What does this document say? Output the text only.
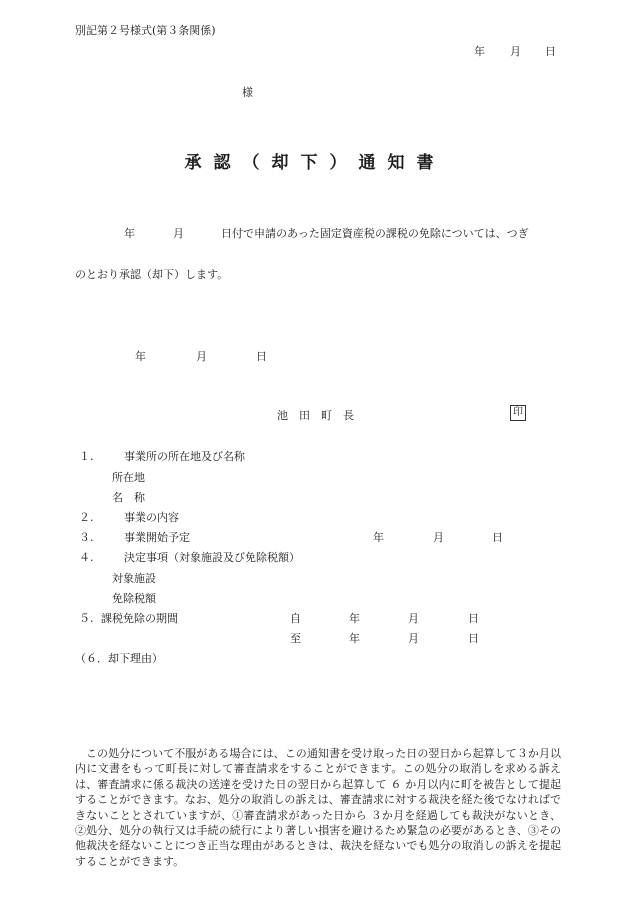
別記第２号様式(第３条関係)
年 月 日
様
承認（却下）通知書
年	月	日付で申請のあった固定資産税の課税の免除については、つぎ
のとおり承認（却下）します。
年	月	日
池　田　町　長	印
１.	事業所の所在地及び名称
所在地
名　称
２.	事業の内容
３.	事業開始予定	年	月	日
４.	決定事項（対象施設及び免除税額）
対象施設
免除税額
５. 課税免除の期間	自	年	月	日
至	年	月	日
（６．却下理由）
この処分について不服がある場合には、この通知書を受け取った日の翌日から起算して３か月以内に文書をもって町長に対して審査請求をすることができます。この処分の取消しを求める訴えは、審査請求に係る裁決の送達を受けた日の翌日から起算して ６ か月以内に町を被告として提起することができます。なお、処分の取消しの訴えは、審査請求に対する裁決を経た後でなければできないこととされていますが、①審査請求があった日から ３か月を経過しても裁決がないとき、②処分、処分の執行又は手続の続行により著しい損害を避けるため緊急の必要があるとき、③その他裁決を経ないことにつき正当な理由があるときは、裁決を経ないでも処分の取消しの訴えを提起することができます。
